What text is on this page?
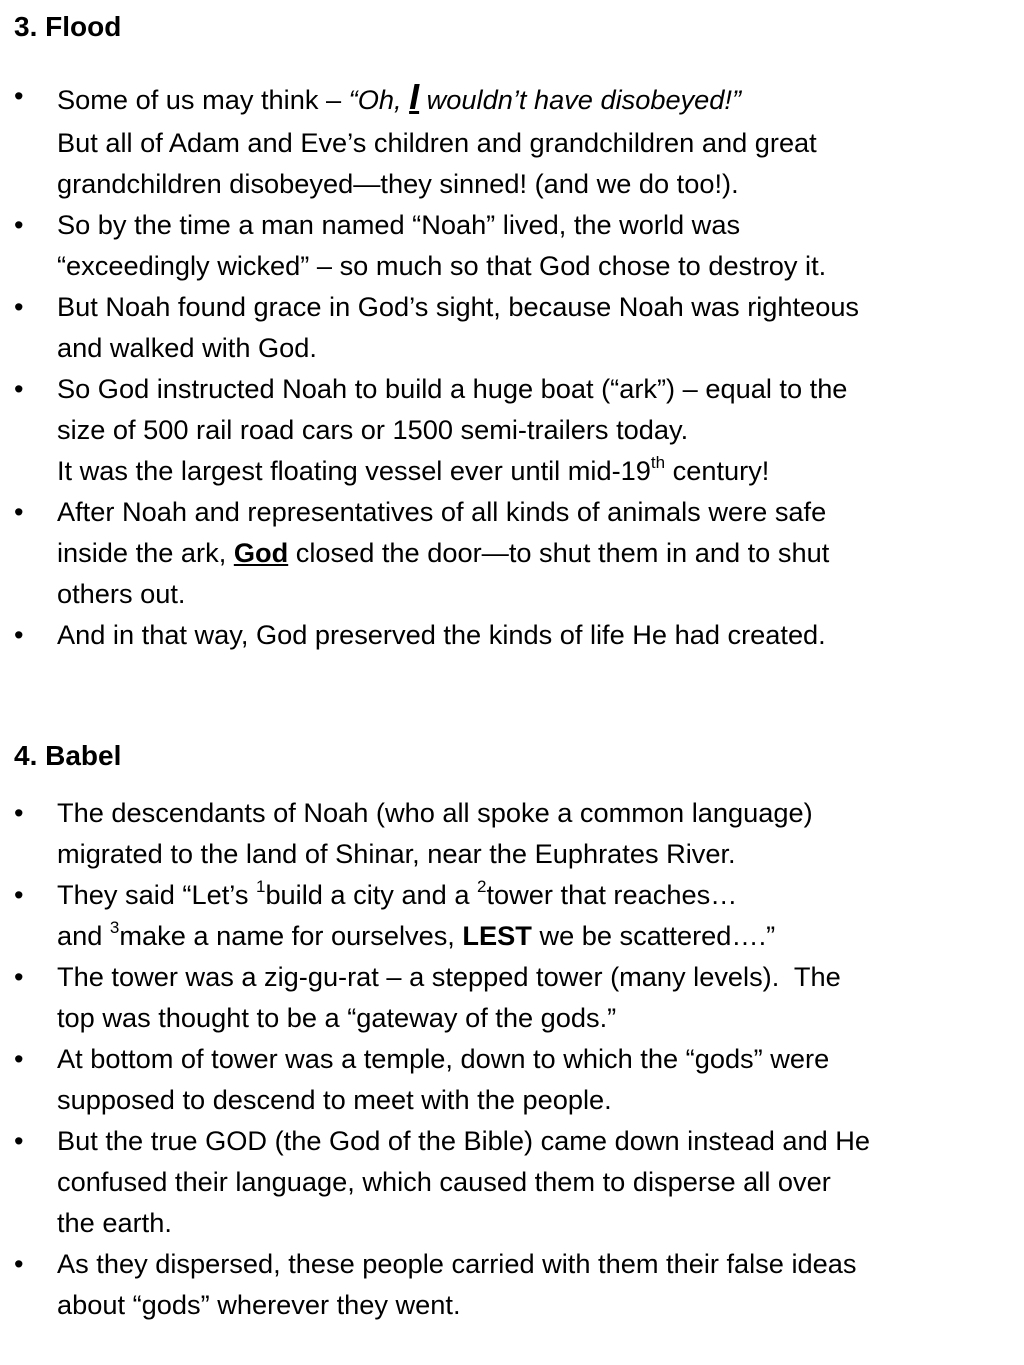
3. Flood
• Some of us may think – “Oh, I wouldn’t have disobeyed!”
But all of Adam and Eve’s children and grandchildren and great
grandchildren disobeyed—they sinned! (and we do too!).
• So by the time a man named “Noah” lived, the world was
“exceedingly wicked” – so much so that God chose to destroy it.
• But Noah found grace in God’s sight, because Noah was righteous
and walked with God.
• So God instructed Noah to build a huge boat (“ark”) – equal to the
size of 500 rail road cars or 1500 semi-trailers today.
It was the largest floating vessel ever until mid-19th century!
• After Noah and representatives of all kinds of animals were safe
inside the ark, God closed the door—to shut them in and to shut
others out.
• And in that way, God preserved the kinds of life He had created.
4. Babel
• The descendants of Noah (who all spoke a common language)
migrated to the land of Shinar, near the Euphrates River.
• They said “Let’s $^1$build a city and a $^2$tower that reaches…
and $^3$make a name for ourselves, LEST we be scattered….”
• The tower was a zig-gu-rat – a stepped tower (many levels).  The
top was thought to be a “gateway of the gods.”
• At bottom of tower was a temple, down to which the “gods” were
supposed to descend to meet with the people.
• But the true GOD (the God of the Bible) came down instead and He
confused their language, which caused them to disperse all over
the earth.
• As they dispersed, these people carried with them their false ideas
about “gods” wherever they went.
